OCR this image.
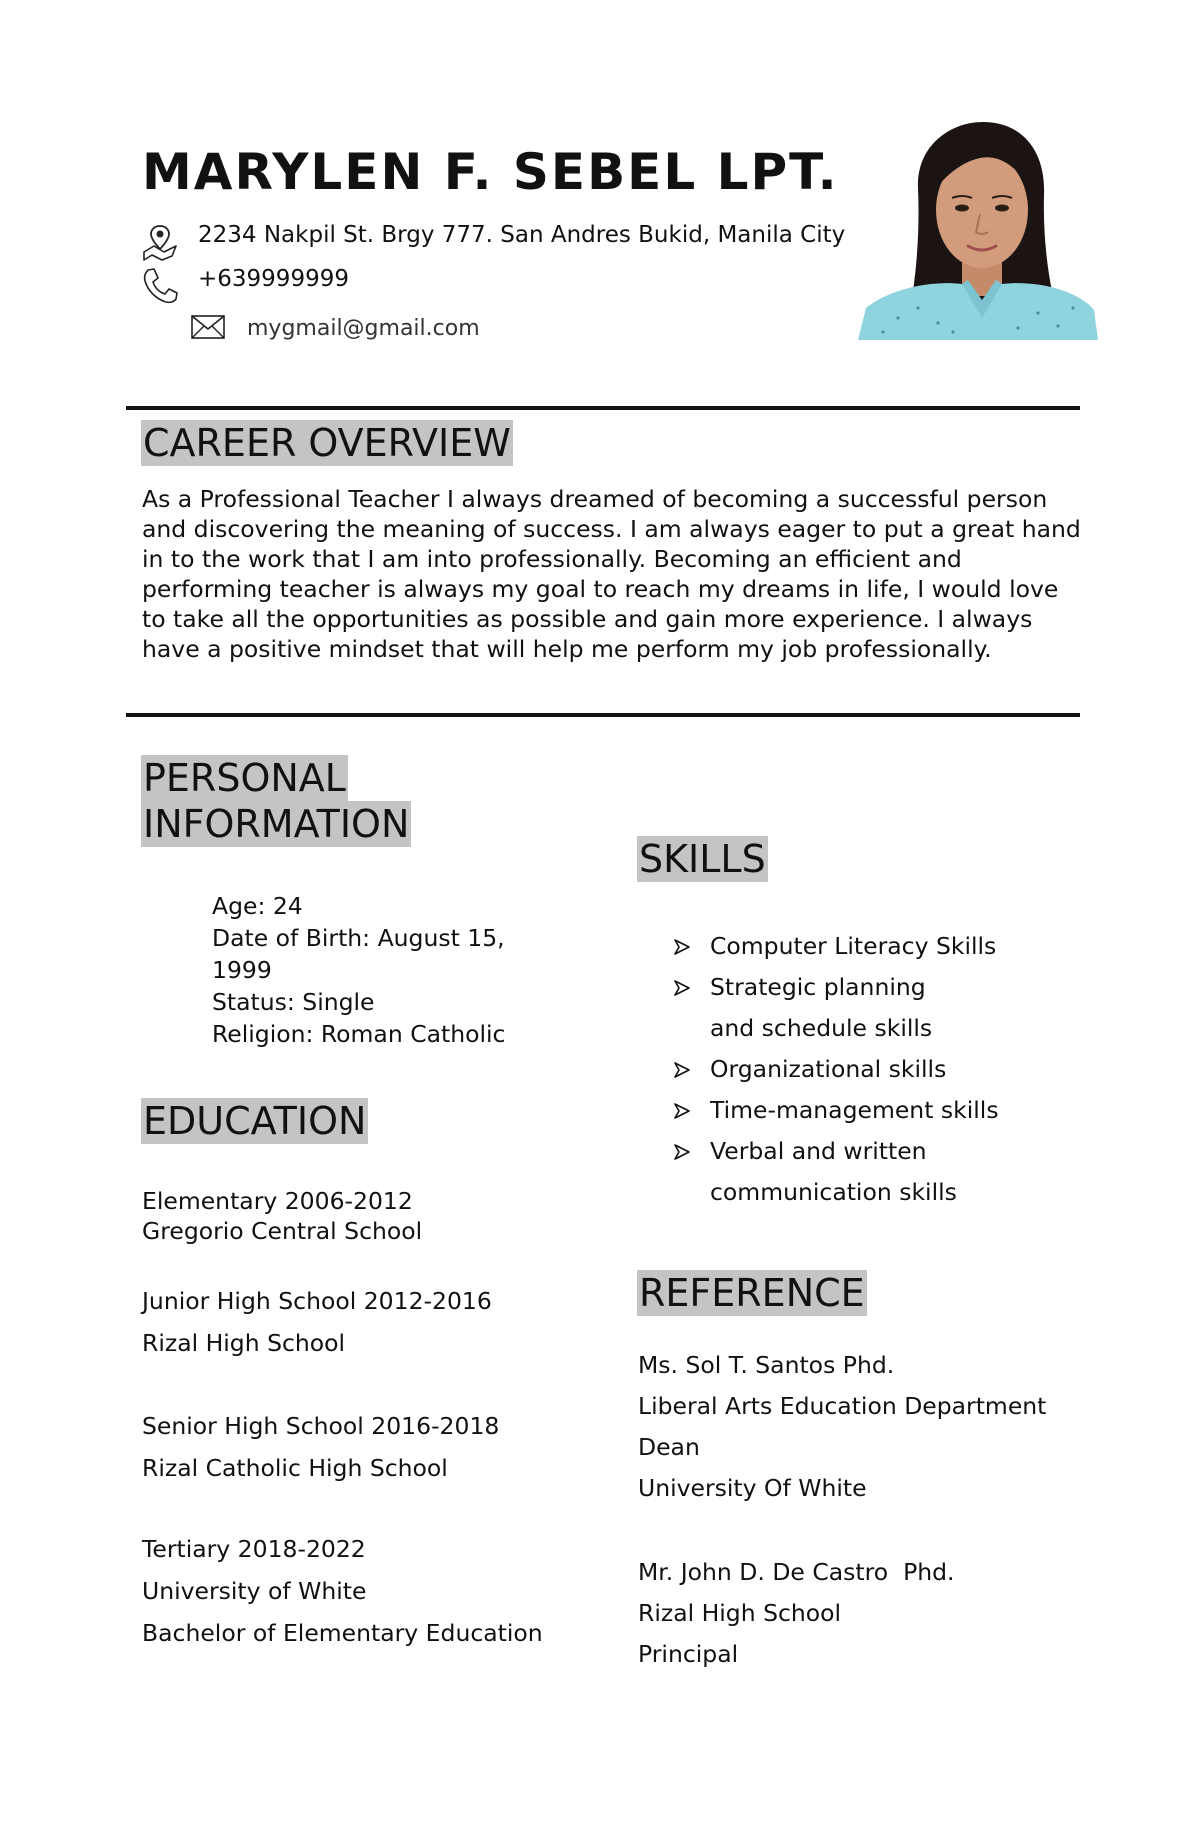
MARYLEN F. SEBEL LPT.
2234 Nakpil St. Brgy 777. San Andres Bukid, Manila City
+639999999
mygmail@gmail.com
CAREER OVERVIEW

As a Professional Teacher I always dreamed of becoming a successful person and discovering the meaning of success. I am always eager to put a great hand in to the work that I am into professionally. Becoming an efficient and performing teacher is always my goal to reach my dreams in life, I would love to take all the opportunities as possible and gain more experience. I always have a positive mindset that will help me perform my job professionally.

PERSONAL
INFORMATION
Age: 24
Date of Birth: August 15, 1999
Status: Single
Religion: Roman Catholic
SKILLS
Computer Literacy Skills
Strategic planning and schedule skills
Organizational skills
Time-management skills
Verbal and written communication skills
EDUCATION
Elementary 2006-2012
Gregorio Central School
Junior High School 2012-2016
Rizal High School
Senior High School 2016-2018
Rizal Catholic High School
Tertiary 2018-2022
University of White
Bachelor of Elementary Education
REFERENCE
Ms. Sol T. Santos Phd.
Liberal Arts Education Department
Dean
University Of White
Mr. John D. De Castro  Phd.
Rizal High School
Principal
